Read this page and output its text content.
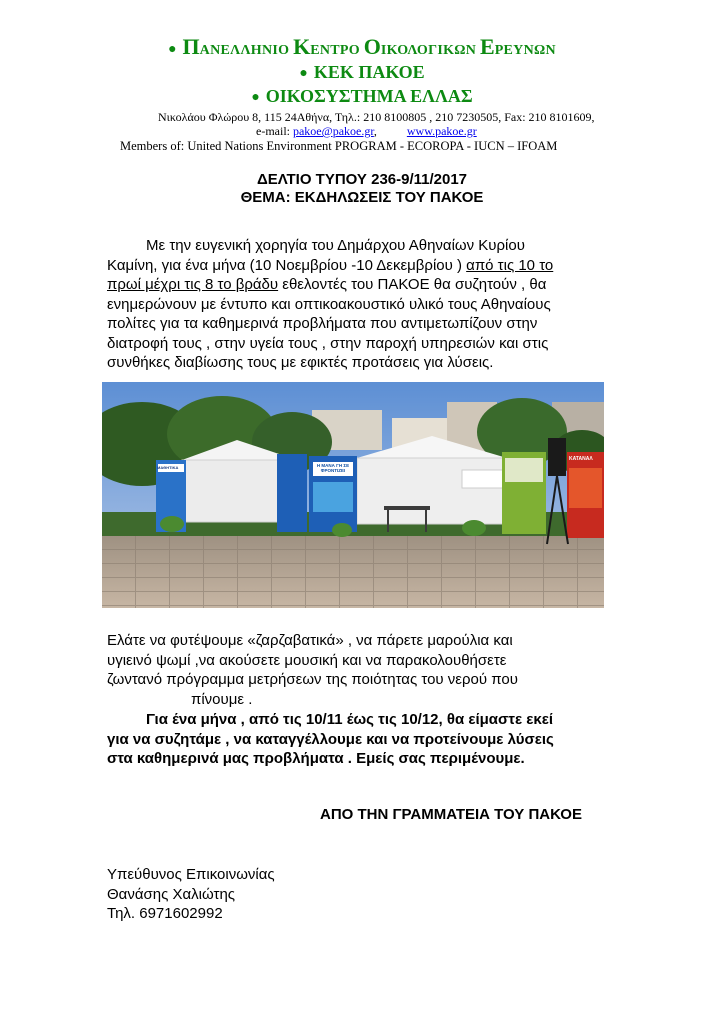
● ΠΑΝΕΛΛΗΝΙΟ ΚΕΝΤΡΟ ΟΙΚΟΛΟΓΙΚΩΝ ΕΡΕΥΝΩΝ
● ΚΕΚ ΠΑΚΟΕ
● ΟΙΚΟΣΥΣΤΗΜΑ ΕΛΛΑΣ
Νικολάου Φλώρου 8, 115 24Αθήνα, Τηλ.: 210 8100805 , 210 7230505, Fax: 210 8101609,
e-mail: pakoe@pakoe.gr,	www.pakoe.gr
Members of: United Nations Environment PROGRAM - ECOROPA - IUCN – IFOAM
ΔΕΛΤΙΟ ΤΥΠΟΥ 236-9/11/2017
ΘΕΜΑ: ΕΚΔΗΛΩΣΕΙΣ ΤΟΥ ΠΑΚΟΕ
Με την ευγενική χορηγία του Δημάρχου Αθηναίων Κυρίου
Καμίνη, για ένα μήνα (10 Νοεμβρίου -10 Δεκεμβρίου ) από τις 10 το
πρωί μέχρι τις 8 το βράδυ εθελοντές του ΠΑΚΟΕ θα συζητούν , θα
ενημερώνουν με έντυπο και οπτικοακουστικό υλικό τους Αθηναίους
πολίτες για τα καθημερινά προβλήματα που αντιμετωπίζουν στην
διατροφή τους , στην υγεία τους , στην παροχή υπηρεσιών και στις
συνθήκες διαβίωσης τους με εφικτές προτάσεις για λύσεις.
ΜΑΘΗΤΙΚΑ	Η ΜΑΝΑ ΓΗ ΣΕ ΦΡΟΝΤΙΖΕΙ
ΚΑΤΑΝΑΛ
Ελάτε να φυτέψουμε «ζαρζαβατικά» , να πάρετε μαρούλια και
υγιεινό ψωμί ,να ακούσετε μουσική και να παρακολουθήσετε
ζωντανό πρόγραμμα μετρήσεων της ποιότητας του νερού που
πίνουμε .
Για ένα μήνα , από τις 10/11 έως τις 10/12, θα είμαστε εκεί
για να συζητάμε , να καταγγέλλουμε και να προτείνουμε λύσεις
στα καθημερινά μας προβλήματα . Εμείς σας περιμένουμε.
ΑΠΟ ΤΗΝ ΓΡΑΜΜΑΤΕΙΑ ΤΟΥ ΠΑΚΟΕ
Υπεύθυνος Επικοινωνίας
Θανάσης Χαλιώτης
Τηλ. 6971602992
